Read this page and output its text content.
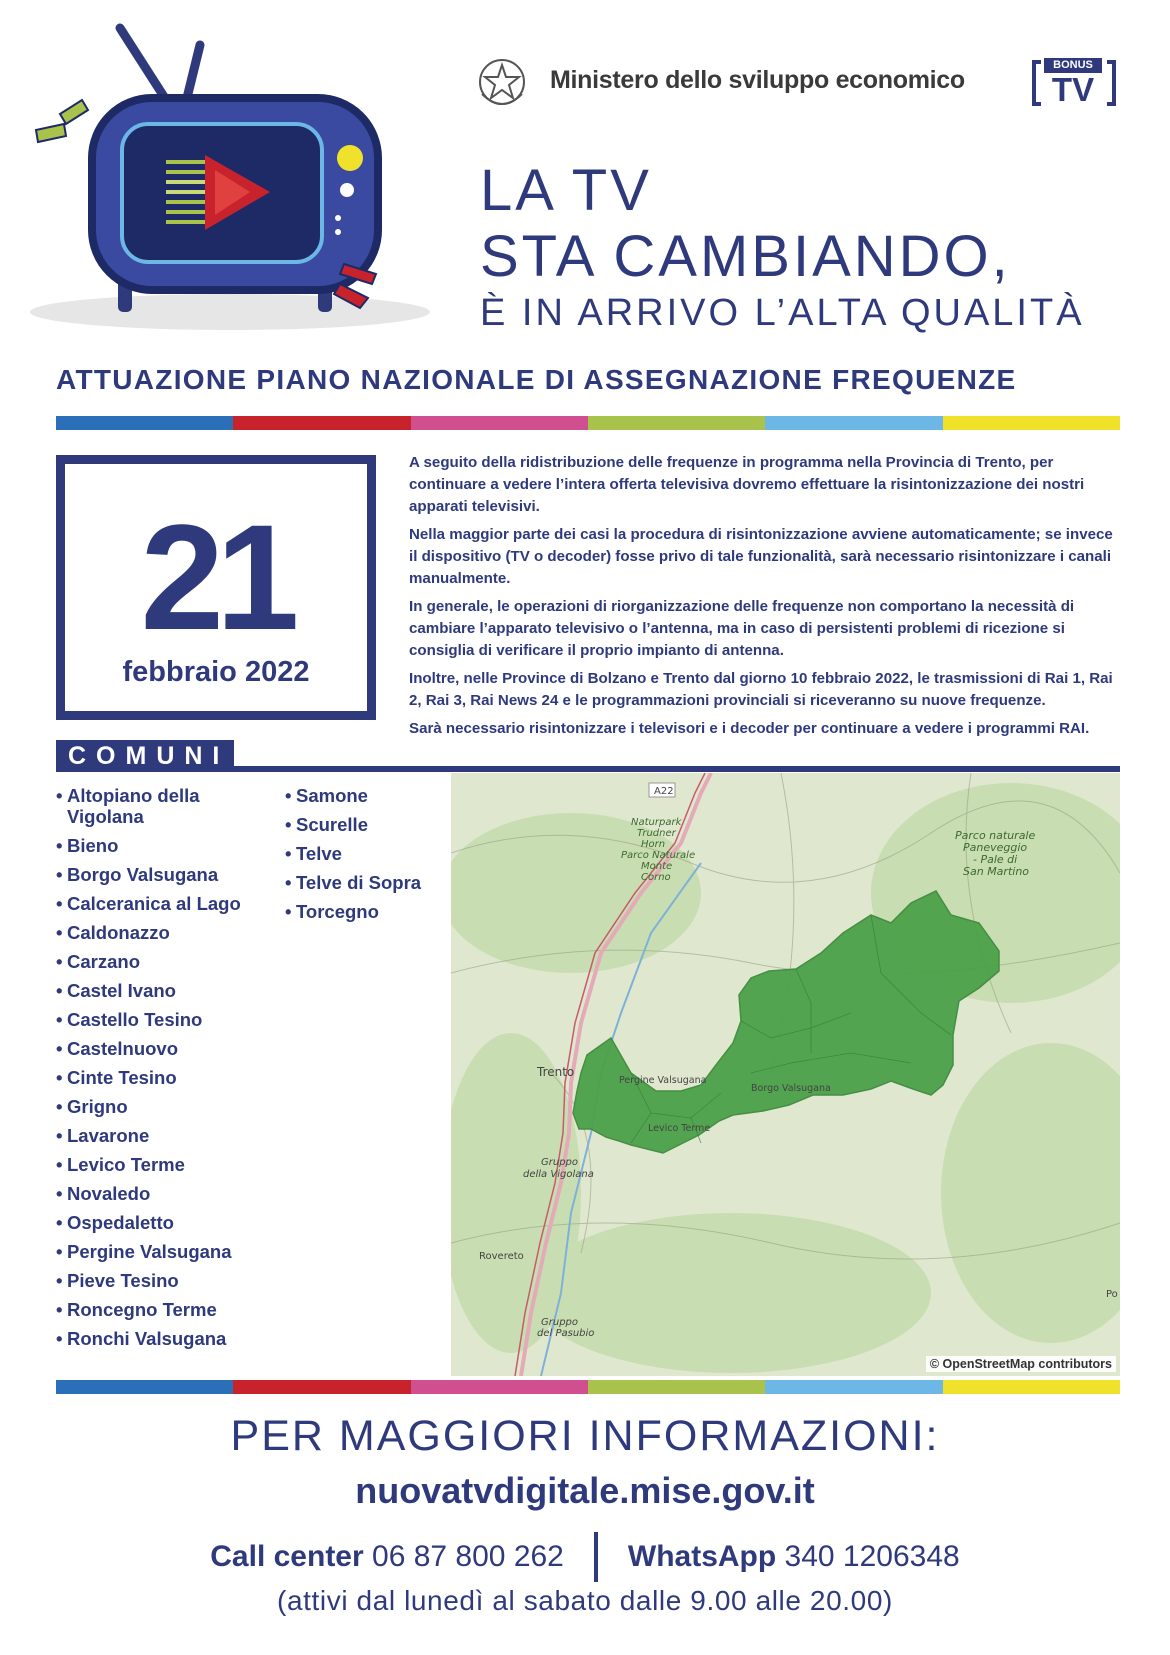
Ministero dello sviluppo economico
BONUS
TV
LA TV
STA CAMBIANDO,
È IN ARRIVO L’ALTA QUALITÀ
ATTUAZIONE PIANO NAZIONALE DI ASSEGNAZIONE FREQUENZE
21
febbraio 2022

A seguito della ridistribuzione delle frequenze in programma nella Provincia di Trento, per continuare a vedere l’intera offerta televisiva dovremo effettuare la risintonizzazione dei nostri apparati televisivi.

Nella maggior parte dei casi la procedura di risintonizzazione avviene automaticamente; se invece il dispositivo (TV o decoder) fosse privo di tale funzionalità, sarà necessario risintonizzare i canali manualmente.

In generale, le operazioni di riorganizzazione delle frequenze non comportano la necessità di cambiare l’apparato televisivo o l’antenna, ma in caso di persistenti problemi di ricezione si consiglia di verificare il proprio impianto di antenna.

Inoltre, nelle Province di Bolzano e Trento dal giorno 10 febbraio 2022, le trasmissioni di Rai 1, Rai 2, Rai 3, Rai News 24 e le programmazioni provinciali si riceveranno su nuove frequenze.

Sarà necessario risintonizzare i televisori e i decoder per continuare a vedere i programmi RAI.

COMUNI
• Altopiano della Vigolana
• Bieno
• Borgo Valsugana
• Calceranica al Lago
• Caldonazzo
• Carzano
• Castel Ivano
• Castello Tesino
• Castelnuovo
• Cinte Tesino
• Grigno
• Lavarone
• Levico Terme
• Novaledo
• Ospedaletto
• Pergine Valsugana
• Pieve Tesino
• Roncegno Terme
• Ronchi Valsugana
• Samone
• Scurelle
• Telve
• Telve di Sopra
• Torcegno
A22
Trento
Pergine Valsugana
Levico Terme
Borgo Valsugana
Gruppo
della Vigolana
Rovereto
Gruppo
del Pasubio
Naturpark
Trudner
Horn
Parco Naturale
Monte
Corno
Parco naturale
Paneveggio
- Pale di
San Martino
Po
© OpenStreetMap contributors
PER MAGGIORI INFORMAZIONI:
nuovatvdigitale.mise.gov.it
Call center 06 87 800 262 WhatsApp 340 1206348
(attivi dal lunedì al sabato dalle 9.00 alle 20.00)
